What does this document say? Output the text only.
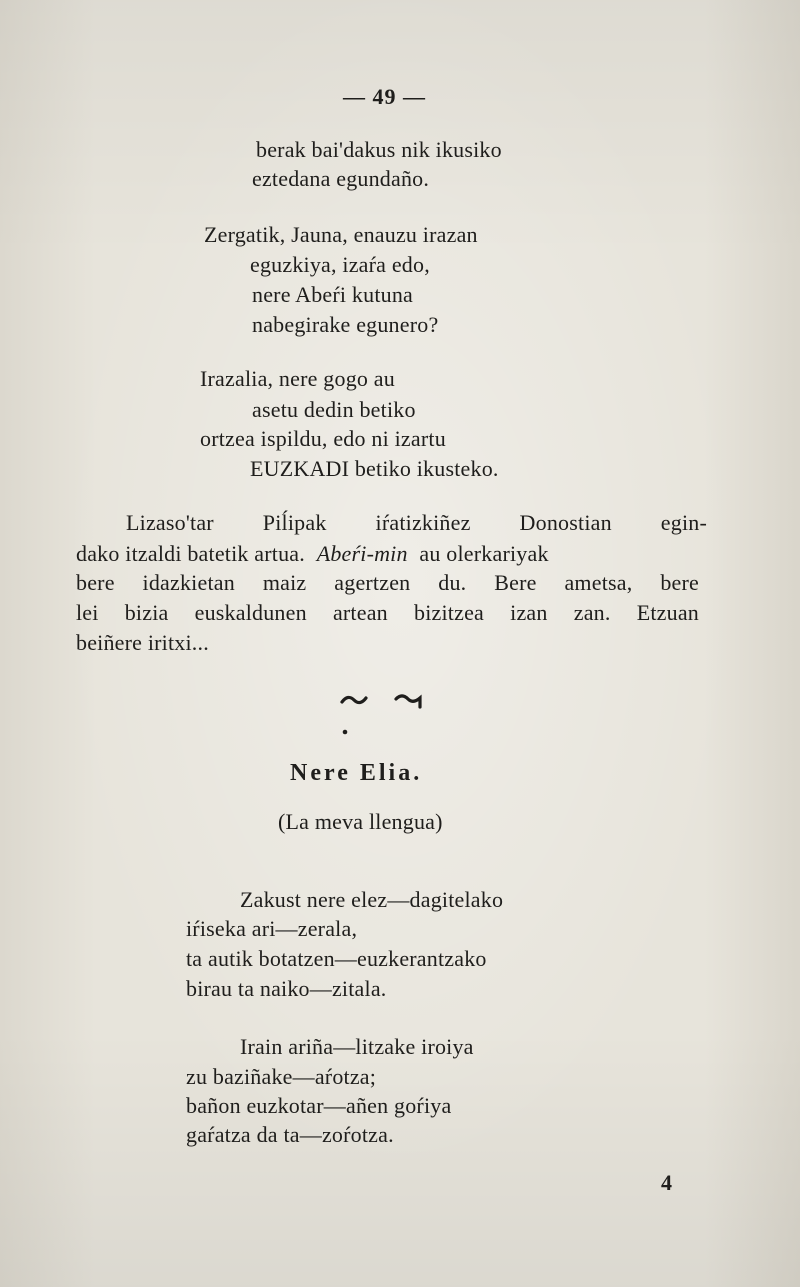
— 49 —
berak bai'dakus nik ikusiko
eztedana egundaño.
Zergatik, Jauna, enauzu irazan
eguzkiya, izaŕa edo,
nere Abeŕi kutuna
nabegirake egunero?
Irazalia, nere gogo au
asetu dedin betiko
ortzea ispildu, edo ni izartu
EUZKADI betiko ikusteko.
Lizaso'tar Piĺipak iŕatizkiñez Donostian egin-
dako itzaldi batetik artua. Abeŕi-min au olerkariyak
bere idazkietan maiz agertzen du. Bere ametsa, bere
lei bizia euskaldunen artean bizitzea izan zan. Etzuan
beiñere iritxi...
Nere Elia.
(La meva llengua)
Zakust nere elez—dagitelako
iŕiseka ari—zerala,
ta autik botatzen—euzkerantzako
birau ta naiko—zitala.
Irain ariña—litzake iroiya
zu baziñake—aŕotza;
bañon euzkotar—añen goŕiya
gaŕatza da ta—zoŕotza.
4
